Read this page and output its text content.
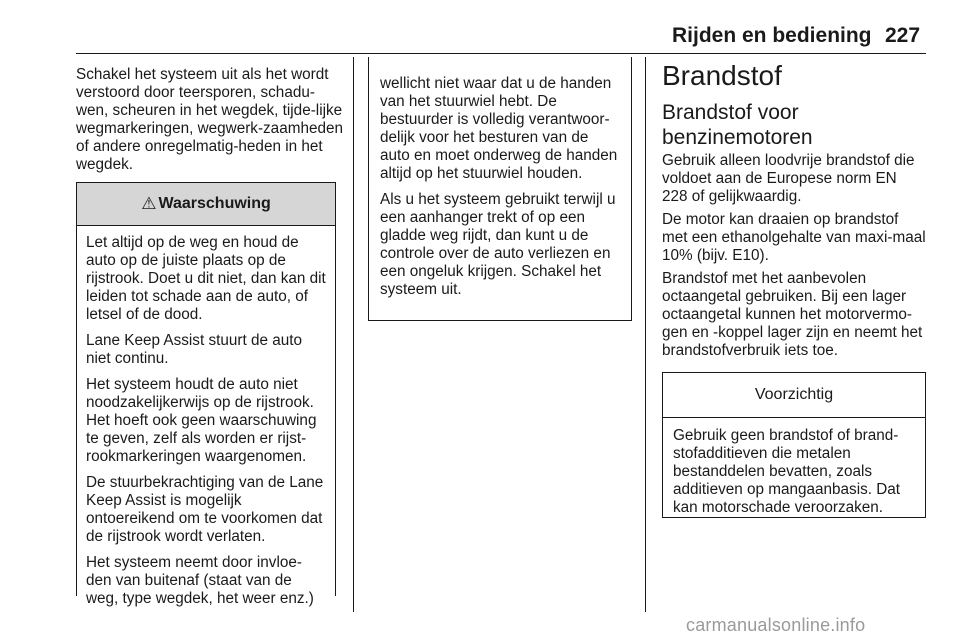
Rijden en bediening 227

Schakel het systeem uit als het wordt verstoord door teersporen, schadu-wen, scheuren in het wegdek, tijde-lijke wegmarkeringen, wegwerk-zaamheden of andere onregelmatig-heden in het wegdek.

⚠ Waarschuwing

Let altijd op de weg en houd de auto op de juiste plaats op de rijstrook. Doet u dit niet, dan kan dit leiden tot schade aan de auto, of letsel of de dood.

Lane Keep Assist stuurt de auto niet continu.

Het systeem houdt de auto niet noodzakelijkerwijs op de rijstrook. Het hoeft ook geen waarschuwing te geven, zelf als worden er rijst-rookmarkeringen waargenomen.

De stuurbekrachtiging van de Lane Keep Assist is mogelijk ontoereikend om te voorkomen dat de rijstrook wordt verlaten.

Het systeem neemt door invloe-den van buitenaf (staat van de weg, type wegdek, het weer enz.)

wellicht niet waar dat u de handen van het stuurwiel hebt. De bestuurder is volledig verantwoor-delijk voor het besturen van de auto en moet onderweg de handen altijd op het stuurwiel houden.

Als u het systeem gebruikt terwijl u een aanhanger trekt of op een gladde weg rijdt, dan kunt u de controle over de auto verliezen en een ongeluk krijgen. Schakel het systeem uit.

Brandstof
Brandstof voor benzinemotoren

Gebruik alleen loodvrije brandstof die voldoet aan de Europese norm EN 228 of gelijkwaardig.

De motor kan draaien op brandstof met een ethanolgehalte van maxi-maal 10% (bijv. E10).

Brandstof met het aanbevolen octaangetal gebruiken. Bij een lager octaangetal kunnen het motorvermo-gen en -koppel lager zijn en neemt het brandstofverbruik iets toe.

Voorzichtig

Gebruik geen brandstof of brand-stofadditieven die metalen bestanddelen bevatten, zoals additieven op mangaanbasis. Dat kan motorschade veroorzaken.

carmanualsonline.info
